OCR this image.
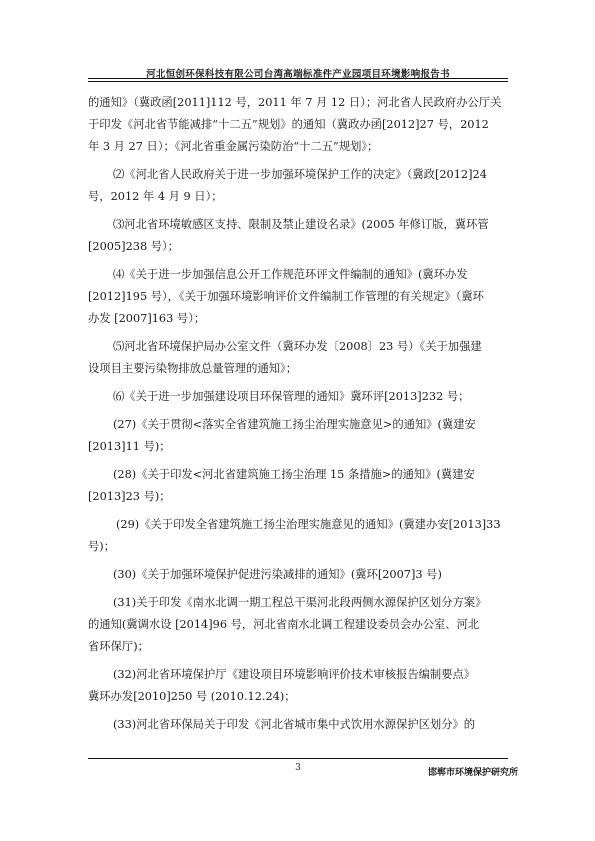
河北恒创环保科技有限公司台湾高端标准件产业园项目环境影响报告书
的通知》（冀政函[2011]112 号，2011 年 7 月 12 日）；河北省人民政府办公厅关
于印发《河北省节能减排“十二五”规划》的通知（冀政办函[2012]27 号，2012
年 3 月 27 日）；《河北省重金属污染防治“十二五”规划》；
⑵《河北省人民政府关于进一步加强环境保护工作的决定》（冀政[2012]24
号，2012 年 4 月 9 日）；
⑶河北省环境敏感区支持、限制及禁止建设名录》(2005 年修订版，冀环管
[2005]238 号）；
⑷《关于进一步加强信息公开工作规范环评文件编制的通知》(冀环办发
[2012]195 号），《关于加强环境影响评价文件编制工作管理的有关规定》（冀环
办发 [2007]163 号）；
⑸河北省环境保护局办公室文件（冀环办发〔2008〕23 号）《关于加强建
设项目主要污染物排放总量管理的通知》；
⑹《关于进一步加强建设项目环保管理的通知》冀环评[2013]232 号；
(27)《关于贯彻<落实全省建筑施工扬尘治理实施意见>的通知》(冀建安
[2013]11 号)；
(28)《关于印发<河北省建筑施工扬尘治理 15 条措施>的通知》(冀建安
[2013]23 号)；
(29)《关于印发全省建筑施工扬尘治理实施意见的通知》(冀建办安[2013]33
号)；
(30)《关于加强环境保护促进污染减排的通知》(冀环[2007]3 号)
(31)关于印发《南水北调一期工程总干渠河北段两侧水源保护区划分方案》
的通知(冀调水设 [2014]96 号，河北省南水北调工程建设委员会办公室、河北
省环保厅)；
(32)河北省环境保护厅《建设项目环境影响评价技术审核报告编制要点》
冀环办发[2010]250 号 (2010.12.24)；
(33)河北省环保局关于印发《河北省城市集中式饮用水源保护区划分》的
3	邯郸市环境保护研究所
